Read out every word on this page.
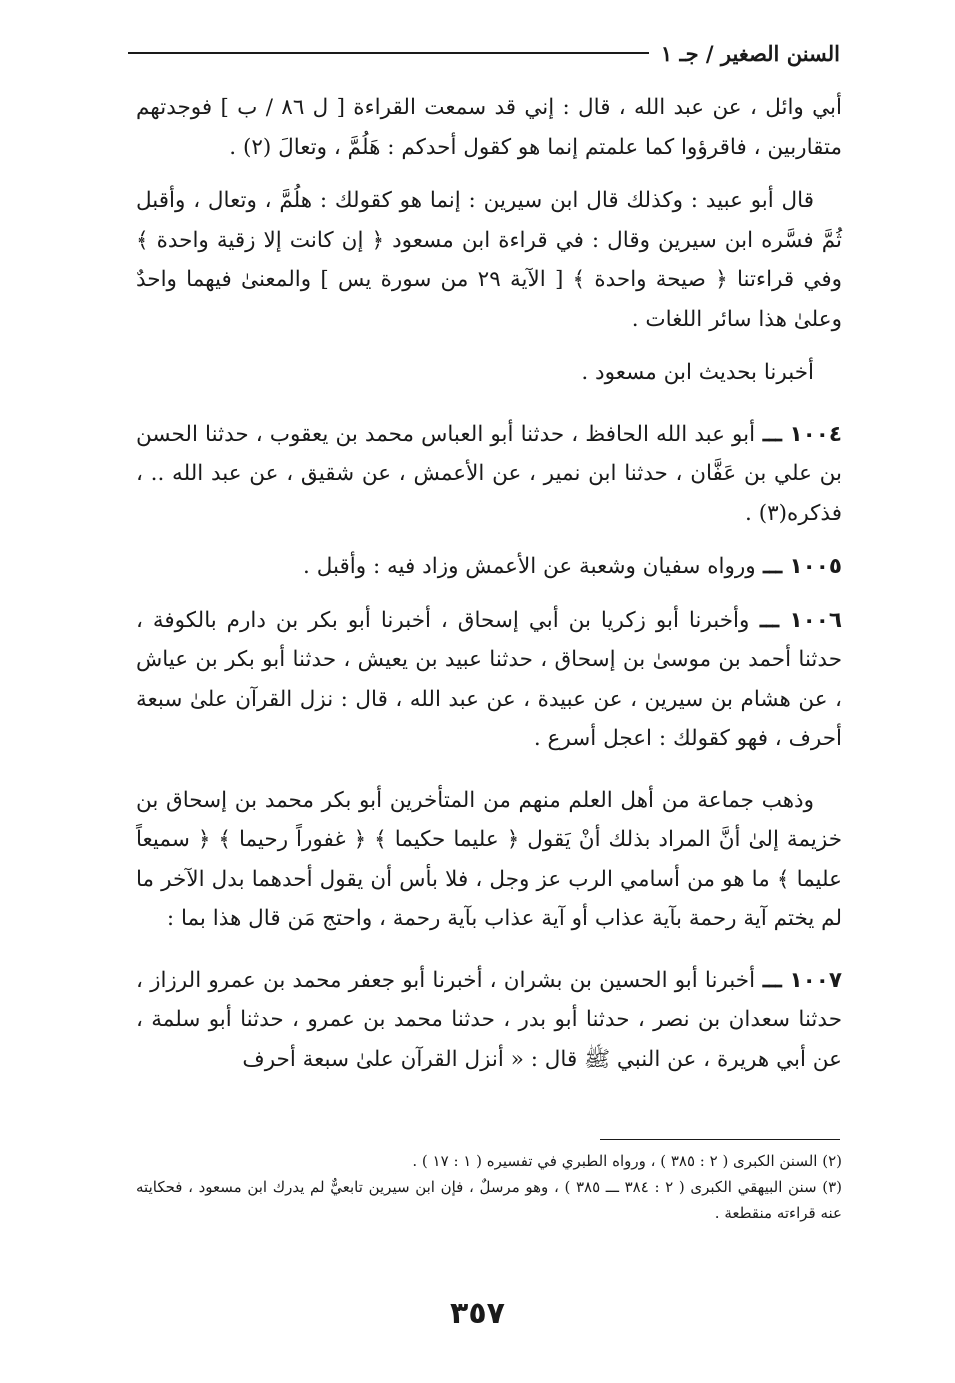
السنن الصغير / جـ ١

أبي وائل ، عن عبد الله ، قال : إني قد سمعت القراءة [ ل ٨٦ / ب ] فوجدتهم متقاربين ، فاقرؤوا كما علمتم إنما هو كقول أحدكم : هَلُمَّ ، وتعالَ (٢) .

قال أبو عبيد : وكذلك قال ابن سيرين : إنما هو كقولك : هلُمَّ ، وتعال ، وأقبل ثُمَّ فسَّره ابن سيرين وقال : في قراءة ابن مسعود ﴿ إن كانت إلا زقية واحدة ﴾ وفي قراءتنا ﴿ صيحة واحدة ﴾ [ الآية ٢٩ من سورة يس ] والمعنىٰ فيهما واحدٌ وعلىٰ هذا سائر اللغات .

أخبرنا بحديث ابن مسعود .

١٠٠٤ ـــ أبو عبد الله الحافظ ، حدثنا أبو العباس محمد بن يعقوب ، حدثنا الحسن بن علي بن عَفَّان ، حدثنا ابن نمير ، عن الأعمش ، عن شقيق ، عن عبد الله .. ، فذكره(٣) .

١٠٠٥ ـــ ورواه سفيان وشعبة عن الأعمش وزاد فيه : وأقبل .

١٠٠٦ ـــ وأخبرنا أبو زكريا بن أبي إسحاق ، أخبرنا أبو بكر بن دارم بالكوفة ، حدثنا أحمد بن موسىٰ بن إسحاق ، حدثنا عبيد بن يعيش ، حدثنا أبو بكر بن عياش ، عن هشام بن سيرين ، عن عبيدة ، عن عبد الله ، قال : نزل القرآن علىٰ سبعة أحرف ، فهو كقولك : اعجل أسرع .

وذهب جماعة من أهل العلم منهم من المتأخرين أبو بكر محمد بن إسحاق بن خزيمة إلىٰ أنَّ المراد بذلك أنْ يَقول ﴿ عليما حكيما ﴾ ﴿ غفوراً رحيما ﴾ ﴿ سميعاً عليما ﴾ ما هو من أسامي الرب عز وجل ، فلا بأس أن يقول أحدهما بدل الآخر ما لم يختم آية رحمة بآية عذاب أو آية عذاب بآية رحمة ، واحتج مَن قال هذا بما :

١٠٠٧ ـــ أخبرنا أبو الحسين بن بشران ، أخبرنا أبو جعفر محمد بن عمرو الرزاز ، حدثنا سعدان بن نصر ، حدثنا أبو بدر ، حدثنا محمد بن عمرو ، حدثنا أبو سلمة ، عن أبي هريرة ، عن النبي ﷺ قال : « أنزل القرآن علىٰ سبعة أحرف

(٢) السنن الكبرى ( ٢ : ٣٨٥ ) ، ورواه الطبري في تفسيره ( ١ : ١٧ ) .

(٣) سنن البيهقي الكبرى ( ٢ : ٣٨٤ ـــ ٣٨٥ ) ، وهو مرسلٌ ، فإن ابن سيرين تابعيٌّ لم يدرك ابن مسعود ، فحكايته عنه قراءته منقطعة .

٣٥٧
